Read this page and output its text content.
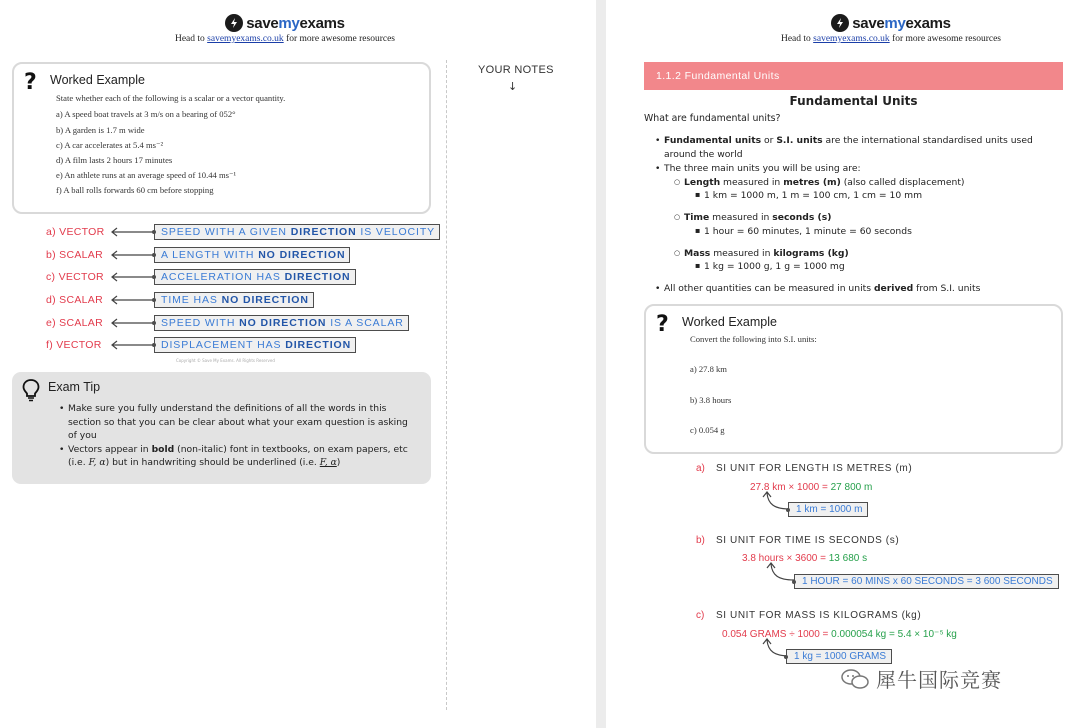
savemyexams
Head to savemyexams.co.uk for more awesome resources
? Worked Example
State whether each of the following is a scalar or a vector quantity.
a) A speed boat travels at 3 m/s on a bearing of 052°
b) A garden is 1.7 m wide
c) A car accelerates at 5.4 ms⁻²
d) A film lasts 2 hours 17 minutes
e) An athlete runs at an average speed of 10.44 ms⁻¹
f) A ball rolls forwards 60 cm before stopping
a) VECTOR	SPEED WITH A GIVEN DIRECTION IS VELOCITY
b) SCALAR	A LENGTH WITH NO DIRECTION
c) VECTOR	ACCELERATION HAS DIRECTION
d) SCALAR	TIME HAS NO DIRECTION
e) SCALAR	SPEED WITH NO DIRECTION IS A SCALAR
f) VECTOR	DISPLACEMENT HAS DIRECTION
Copyright © Save My Exams. All Rights Reserved
Exam Tip
• Make sure you fully understand the definitions of all the words in this section so that you can be clear about what your exam question is asking of you
• Vectors appear in bold (non-italic) font in textbooks, on exam papers, etc (i.e. F, α) but in handwriting should be underlined (i.e. F, α)
YOUR NOTES
↓
savemyexams
Head to savemyexams.co.uk for more awesome resources
1.1.2 Fundamental Units
Fundamental Units
What are fundamental units?
• Fundamental units or S.I. units are the international standardised units used
around the world
• The three main units you will be using are:
○ Length measured in metres (m) (also called displacement)
▪ 1 km = 1000 m, 1 m = 100 cm, 1 cm = 10 mm
○ Time measured in seconds (s)
▪ 1 hour = 60 minutes, 1 minute = 60 seconds
○ Mass measured in kilograms (kg)
▪ 1 kg = 1000 g, 1 g = 1000 mg
• All other quantities can be measured in units derived from S.I. units
? Worked Example
Convert the following into S.I. units:
a) 27.8 km
b) 3.8 hours
c) 0.054 g
a) SI UNIT FOR LENGTH IS METRES (m)
27.8 km × 1000 = 27 800 m
1 km = 1000 m
b) SI UNIT FOR TIME IS SECONDS (s)
3.8 hours × 3600 = 13 680 s
1 HOUR = 60 MINS x 60 SECONDS = 3 600 SECONDS
c) SI UNIT FOR MASS IS KILOGRAMS (kg)
0.054 GRAMS ÷ 1000 = 0.000054 kg = 5.4 × 10⁻⁵ kg
1 kg = 1000 GRAMS
犀牛国际竞赛
